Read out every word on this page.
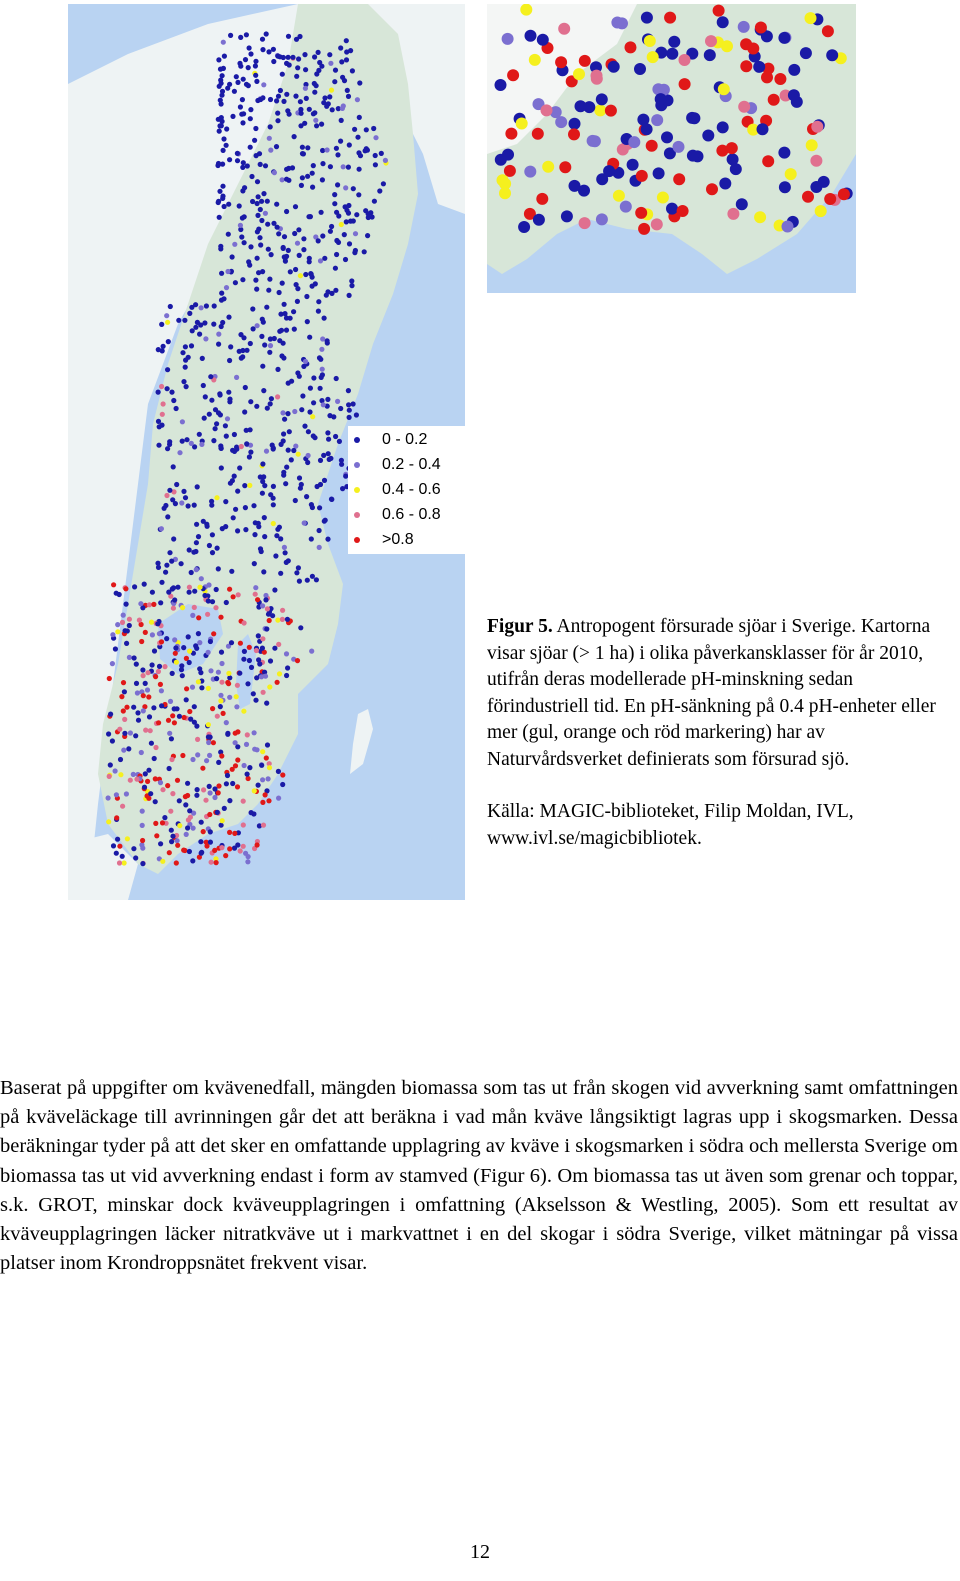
0 - 0.2
0.2 - 0.4
0.4 - 0.6
0.6 - 0.8
>0.8

Figur 5. Antropogent försurade sjöar i Sverige. Kartorna visar sjöar (> 1 ha) i olika påverkansklasser för år 2010, utifrån deras modellerade pH-minskning sedan förindustriell tid. En pH-sänkning på 0.4 pH-enheter eller mer (gul, orange och röd markering) har av Naturvårdsverket definierats som försurad sjö.

Källa: MAGIC-biblioteket, Filip Moldan, IVL, www.ivl.se/magicbibliotek.

Baserat på uppgifter om kvävenedfall, mängden biomassa som tas ut från skogen vid avverkning samt omfattningen på kväveläckage till avrinningen går det att beräkna i vad mån kväve långsiktigt lagras upp i skogsmarken. Dessa beräkningar tyder på att det sker en omfattande upplagring av kväve i skogsmarken i södra och mellersta Sverige om biomassa tas ut vid avverkning endast i form av stamved (Figur 6). Om biomassa tas ut även som grenar och toppar, s.k. GROT, minskar dock kväveupplagringen i omfattning (Akselsson & Westling, 2005). Som ett resultat av kväveupplagringen läcker nitratkväve ut i markvattnet i en del skogar i södra Sverige, vilket mätningar på vissa platser inom Krondroppsnätet frekvent visar.

12
